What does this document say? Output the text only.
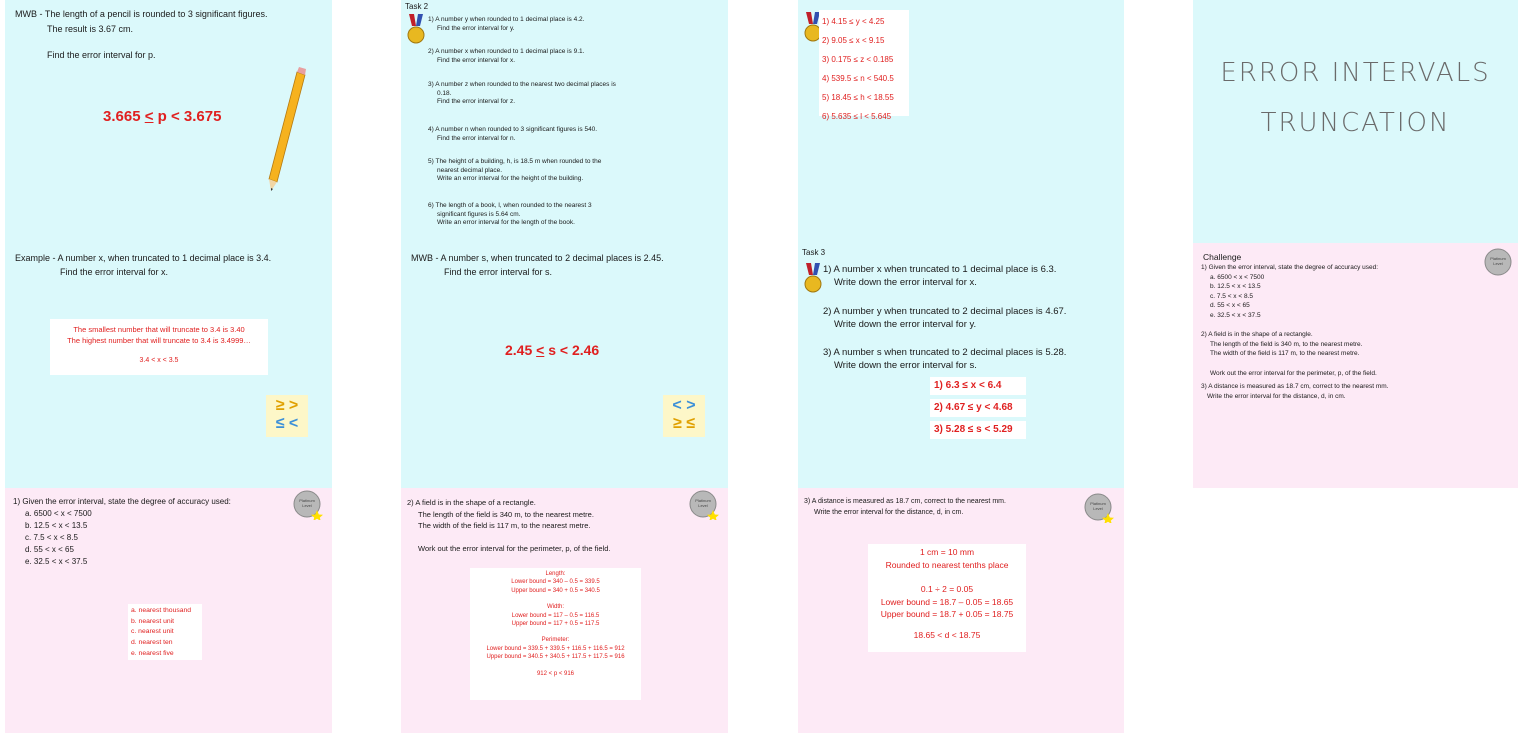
MWB - The length of a pencil is rounded to 3 significant figures.
The result is 3.67 cm.
Find the error interval for p.
3.665 < p < 3.675
Task 2
1) A number y when rounded to 1 decimal place is 4.2.
Find the error interval for y.
2) A number x when rounded to 1 decimal place is 9.1.
Find the error interval for x.
3) A number z when rounded to the nearest two decimal places is
0.18.
Find the error interval for z.
4) A number n when rounded to 3 significant figures is 540.
Find the error interval for n.
5) The height of a building, h, is 18.5 m when rounded to the
nearest decimal place.
Write an error interval for the height of the building.
6) The length of a book, l, when rounded to the nearest 3
significant figures is 5.64 cm.
Write an error interval for the length of the book.
1) 4.15 ≤ y < 4.25
2) 9.05 ≤ x < 9.15
3) 0.175 ≤ z < 0.185
4) 539.5 ≤ n < 540.5
5) 18.45 ≤ h < 18.55
6) 5.635 ≤ l < 5.645
ERROR INTERVALS
TRUNCATION
Example - A number x, when truncated to 1 decimal place is 3.4.
Find the error interval for x.
The smallest number that will truncate to 3.4 is 3.40
The highest number that will truncate to 3.4 is 3.4999…
3.4 < x < 3.5
≥ >
≤ <
MWB - A number s, when truncated to 2 decimal places is 2.45.
Find the error interval for s.
2.45 < s < 2.46
< >
≥ ≤
Task 3
1) A number x when truncated to 1 decimal place is 6.3.
Write down the error interval for x.
2) A number y when truncated to 2 decimal places is 4.67.
Write down the error interval for y.
3) A number s when truncated to 2 decimal places is 5.28.
Write down the error interval for s.
1) 6.3 ≤ x < 6.4
2) 4.67 ≤ y < 4.68
3) 5.28 ≤ s < 5.29
Challenge	Platinum
Level
1) Given the error interval, state the degree of accuracy used:
a. 6500 < x < 7500
b. 12.5 < x < 13.5
c. 7.5 < x < 8.5
d. 55 < x < 65
e. 32.5 < x < 37.5
2) A field is in the shape of a rectangle.
The length of the field is 340 m, to the nearest metre.
The width of the field is 117 m, to the nearest metre.
Work out the error interval for the perimeter, p, of the field.
3) A distance is measured as 18.7 cm, correct to the nearest mm.
Write the error interval for the distance, d, in cm.
Platinum
Level
1) Given the error interval, state the degree of accuracy used:
a. 6500 < x < 7500
b. 12.5 < x < 13.5
c. 7.5 < x < 8.5
d. 55 < x < 65
e. 32.5 < x < 37.5
a. nearest thousand
b. nearest unit
c. nearest unit
d. nearest ten
e. nearest five
Platinum
Level
2) A field is in the shape of a rectangle.
The length of the field is 340 m, to the nearest metre.
The width of the field is 117 m, to the nearest metre.
Work out the error interval for the perimeter, p, of the field.
Length:
Lower bound = 340 – 0.5 = 339.5
Upper bound = 340 + 0.5 = 340.5
Width:
Lower bound = 117 – 0.5 = 116.5
Upper bound = 117 + 0.5 = 117.5
Perimeter:
Lower bound = 339.5 + 339.5 + 116.5 + 116.5 = 912
Upper bound = 340.5 + 340.5 + 117.5 + 117.5 = 916
912 < p < 916
Platinum
Level
3) A distance is measured as 18.7 cm, correct to the nearest mm.
Write the error interval for the distance, d, in cm.
1 cm = 10 mm
Rounded to nearest tenths place
0.1 ÷ 2 = 0.05
Lower bound = 18.7 – 0.05 = 18.65
Upper bound = 18.7 + 0.05 = 18.75
18.65 < d < 18.75
